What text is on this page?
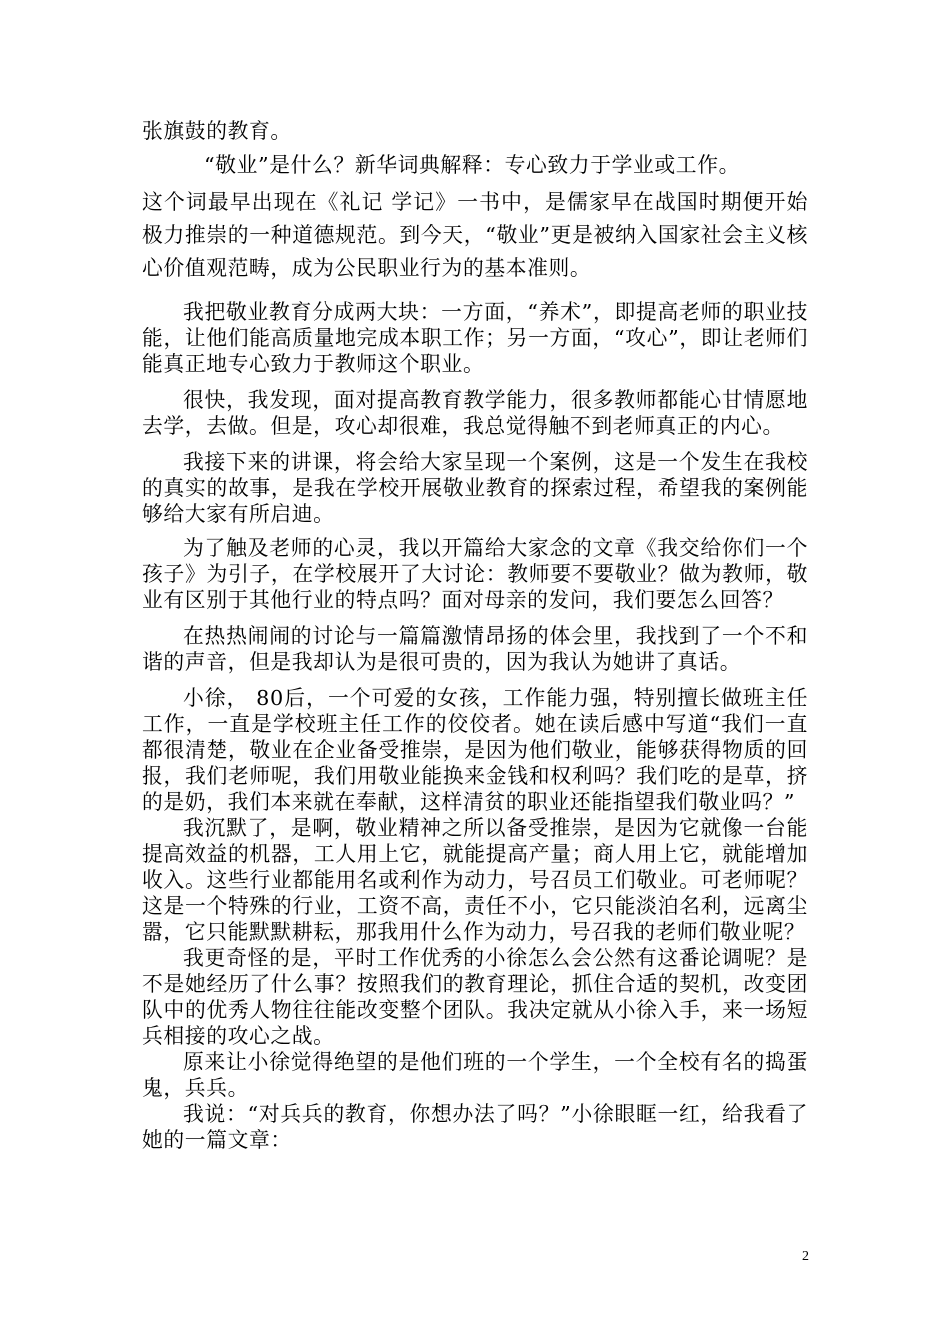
张旗鼓的教育。

“敬业”是什么？新华词典解释：专心致力于学业或工作。

这个词最早出现在《礼记 学记》一书中，是儒家早在战国时期便开始极力推崇的一种道德规范。到今天，“敬业”更是被纳入国家社会主义核心价值观范畴，成为公民职业行为的基本准则。

我把敬业教育分成两大块：一方面，“养术”，即提高老师的职业技能，让他们能高质量地完成本职工作；另一方面，“攻心”，即让老师们能真正地专心致力于教师这个职业。

很快，我发现，面对提高教育教学能力，很多教师都能心甘情愿地去学，去做。但是，攻心却很难，我总觉得触不到老师真正的内心。

我接下来的讲课，将会给大家呈现一个案例，这是一个发生在我校的真实的故事，是我在学校开展敬业教育的探索过程，希望我的案例能够给大家有所启迪。

为了触及老师的心灵，我以开篇给大家念的文章《我交给你们一个孩子》为引子，在学校展开了大讨论：教师要不要敬业？做为教师，敬业有区别于其他行业的特点吗？面对母亲的发问，我们要怎么回答？

在热热闹闹的讨论与一篇篇激情昂扬的体会里，我找到了一个不和谐的声音，但是我却认为是很可贵的，因为我认为她讲了真话。

小徐， 80后，一个可爱的女孩，工作能力强，特别擅长做班主任工作，一直是学校班主任工作的佼佼者。她在读后感中写道“我们一直都很清楚，敬业在企业备受推崇，是因为他们敬业，能够获得物质的回报，我们老师呢，我们用敬业能换来金钱和权利吗？我们吃的是草，挤的是奶，我们本来就在奉献，这样清贫的职业还能指望我们敬业吗？”

我沉默了，是啊，敬业精神之所以备受推崇，是因为它就像一台能提高效益的机器，工人用上它，就能提高产量；商人用上它，就能增加收入。这些行业都能用名或利作为动力，号召员工们敬业。可老师呢？这是一个特殊的行业，工资不高，责任不小，它只能淡泊名利，远离尘嚣，它只能默默耕耘，那我用什么作为动力，号召我的老师们敬业呢？

我更奇怪的是，平时工作优秀的小徐怎么会公然有这番论调呢？是不是她经历了什么事？按照我们的教育理论，抓住合适的契机，改变团队中的优秀人物往往能改变整个团队。我决定就从小徐入手，来一场短兵相接的攻心之战。

原来让小徐觉得绝望的是他们班的一个学生，一个全校有名的捣蛋鬼，兵兵。

我说：“对兵兵的教育，你想办法了吗？”小徐眼眶一红，给我看了她的一篇文章：

2
